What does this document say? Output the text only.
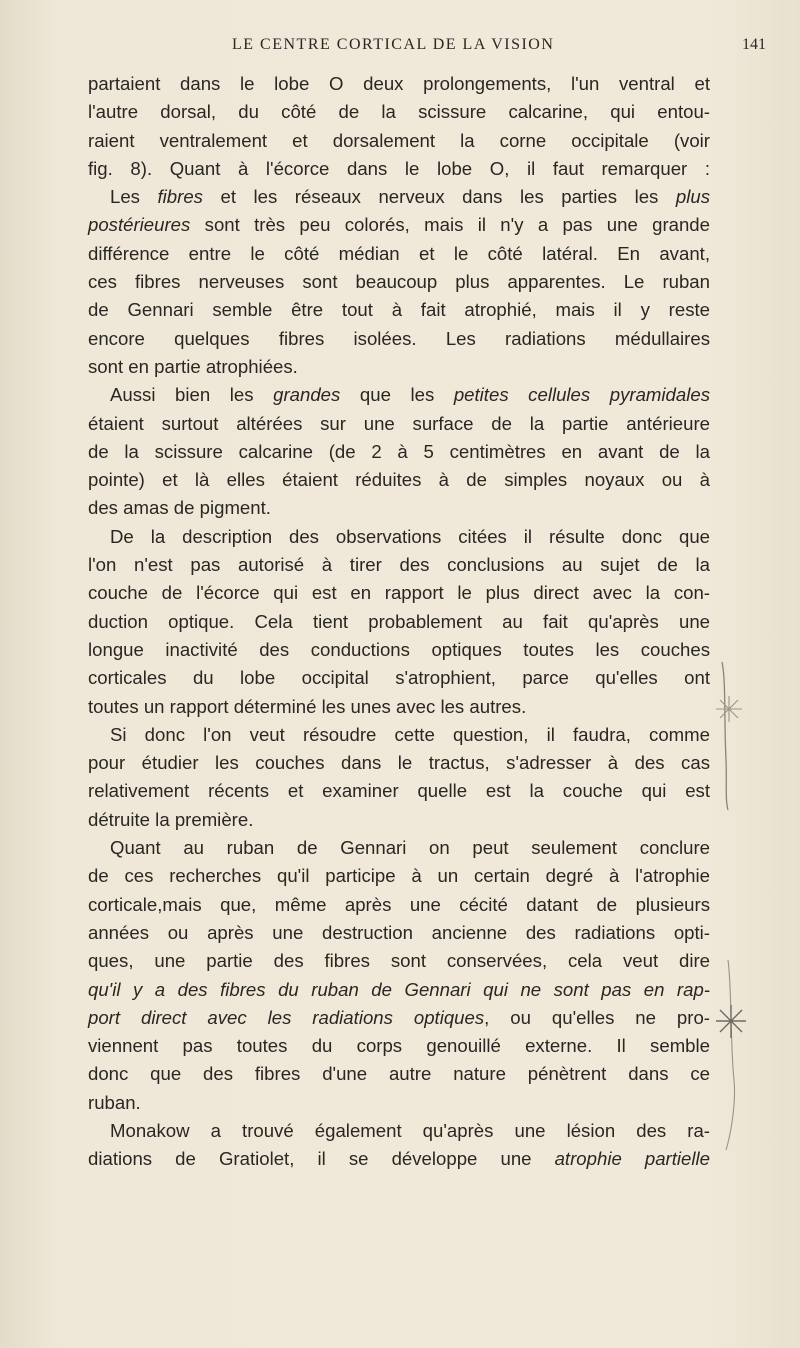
LE CENTRE CORTICAL DE LA VISION	141
partaient dans le lobe O deux prolongements, l'un ventral et
l'autre dorsal, du côté de la scissure calcarine, qui entou-
raient ventralement et dorsalement la corne occipitale (voir
fig. 8). Quant à l'écorce dans le lobe O, il faut remarquer :
Les fibres et les réseaux nerveux dans les parties les plus
postérieures sont très peu colorés, mais il n'y a pas une grande
différence entre le côté médian et le côté latéral. En avant,
ces fibres nerveuses sont beaucoup plus apparentes. Le ruban
de Gennari semble être tout à fait atrophié, mais il y reste
encore quelques fibres isolées. Les radiations médullaires
sont en partie atrophiées.
Aussi bien les grandes que les petites cellules pyramidales
étaient surtout altérées sur une surface de la partie antérieure
de la scissure calcarine (de 2 à 5 centimètres en avant de la
pointe) et là elles étaient réduites à de simples noyaux ou à
des amas de pigment.
De la description des observations citées il résulte donc que
l'on n'est pas autorisé à tirer des conclusions au sujet de la
couche de l'écorce qui est en rapport le plus direct avec la con-
duction optique. Cela tient probablement au fait qu'après une
longue inactivité des conductions optiques toutes les couches
corticales du lobe occipital s'atrophient, parce qu'elles ont
toutes un rapport déterminé les unes avec les autres.
Si donc l'on veut résoudre cette question, il faudra, comme
pour étudier les couches dans le tractus, s'adresser à des cas
relativement récents et examiner quelle est la couche qui est
détruite la première.
Quant au ruban de Gennari on peut seulement conclure
de ces recherches qu'il participe à un certain degré à l'atrophie
corticale,mais que, même après une cécité datant de plusieurs
années ou après une destruction ancienne des radiations opti-
ques, une partie des fibres sont conservées, cela veut dire
qu'il y a des fibres du ruban de Gennari qui ne sont pas en rap-
port direct avec les radiations optiques, ou qu'elles ne pro-
viennent pas toutes du corps genouillé externe. Il semble
donc que des fibres d'une autre nature pénètrent dans ce
ruban.
Monakow a trouvé également qu'après une lésion des ra-
diations de Gratiolet, il se développe une atrophie partielle
